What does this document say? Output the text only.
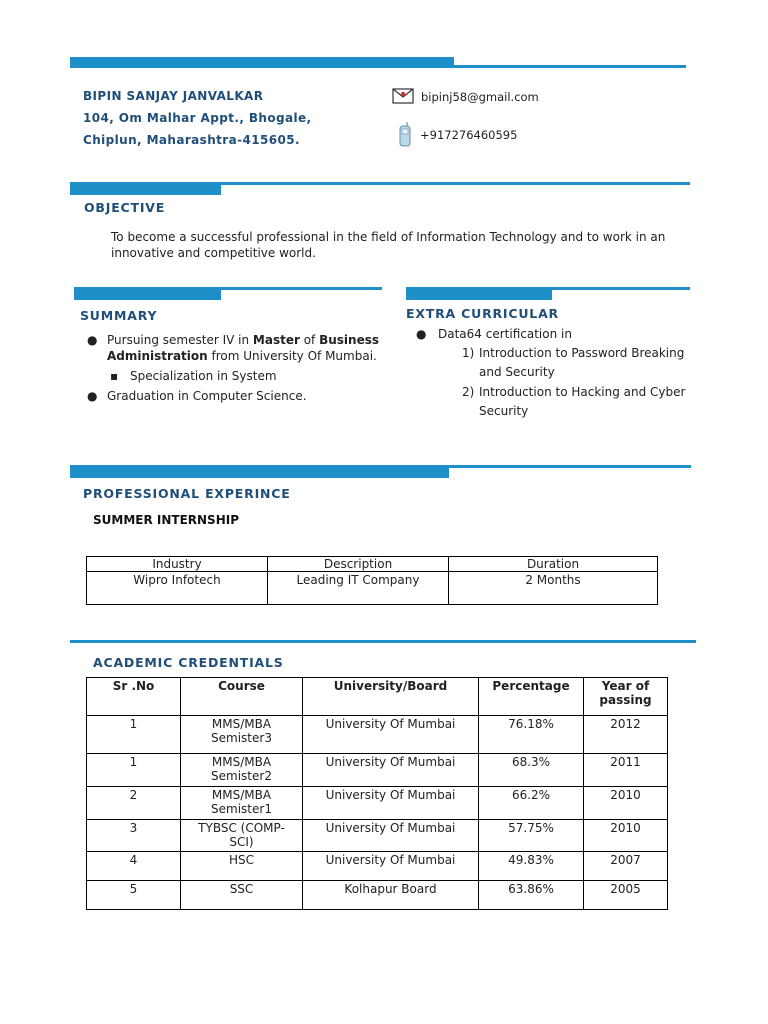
BIPIN SANJAY JANVALKAR
104, Om Malhar Appt., Bhogale,
Chiplun, Maharashtra-415605.
bipinj58@gmail.com
+917276460595
OBJECTIVE
To become a successful professional in the field of Information Technology and to work in an
innovative and competitive world.
SUMMARY
● Pursuing semester IV in Master of Business
Administration from University Of Mumbai.
▪ Specialization in System
● Graduation in Computer Science.
EXTRA CURRICULAR
● Data64 certification in
1) Introduction to Password Breaking
and Security
2) Introduction to Hacking and Cyber
Security
PROFESSIONAL EXPERINCE
SUMMER INTERNSHIP
Industry	Description	Duration
Wipro Infotech	Leading IT Company	2 Months
ACADEMIC CREDENTIALS
Sr .No	Course	University/Board	Percentage	Year of
passing
1	MMS/MBA
Semister3	University Of Mumbai	76.18%	2012
1	MMS/MBA
Semister2	University Of Mumbai	68.3%	2011
2	MMS/MBA
Semister1	University Of Mumbai	66.2%	2010
3	TYBSC (COMP-
SCI)	University Of Mumbai	57.75%	2010
4	HSC	University Of Mumbai	49.83%	2007
5	SSC	Kolhapur Board	63.86%	2005
